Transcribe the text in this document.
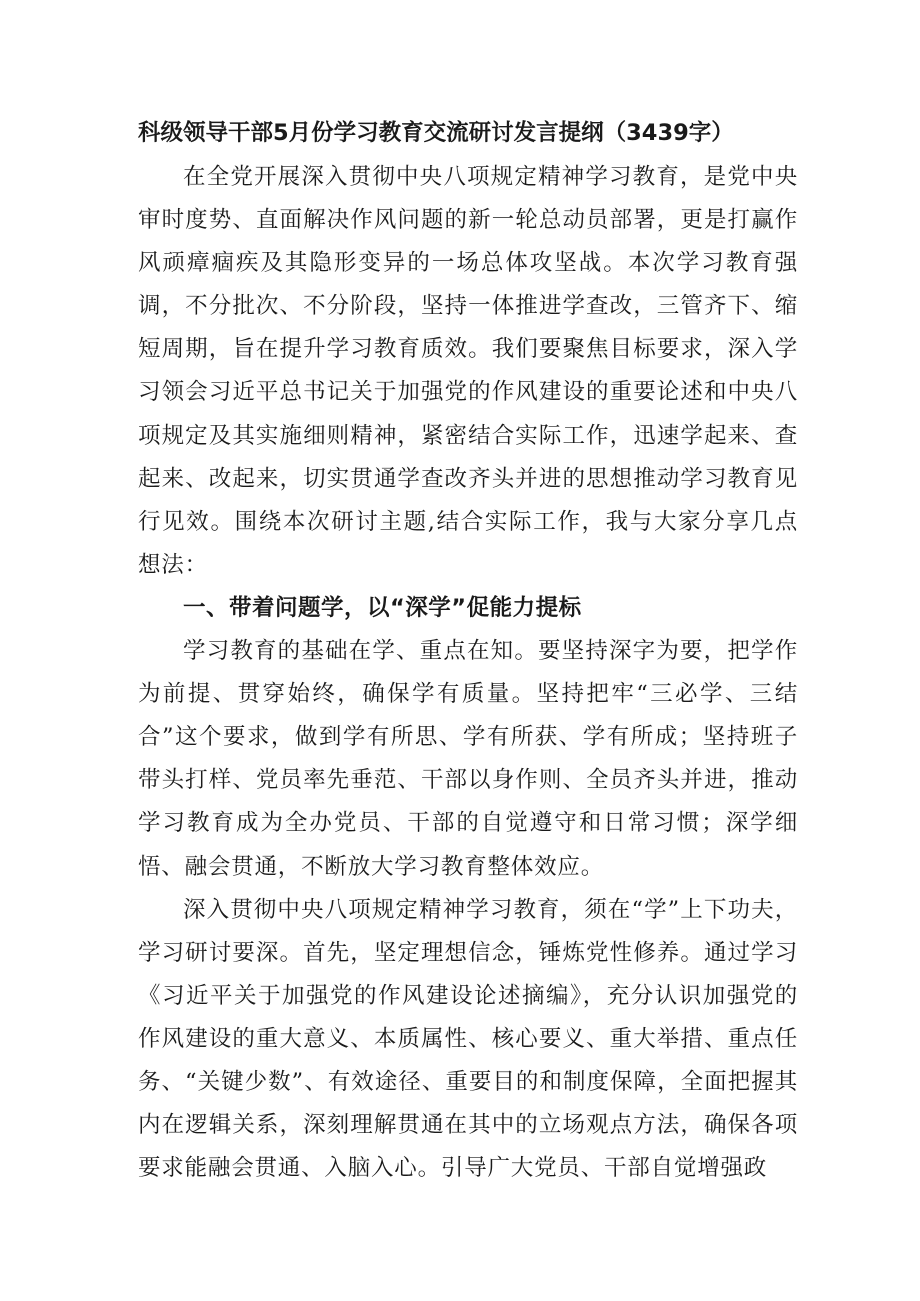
科级领导干部5月份学习教育交流研讨发言提纲（3439字）

在全党开展深入贯彻中央八项规定精神学习教育，是党中央审时度势、直面解决作风问题的新一轮总动员部署，更是打赢作风顽瘴痼疾及其隐形变异的一场总体攻坚战。本次学习教育强调，不分批次、不分阶段，坚持一体推进学查改，三管齐下、缩短周期，旨在提升学习教育质效。我们要聚焦目标要求，深入学习领会习近平总书记关于加强党的作风建设的重要论述和中央八项规定及其实施细则精神，紧密结合实际工作，迅速学起来、查起来、改起来，切实贯通学查改齐头并进的思想推动学习教育见行见效。围绕本次研讨主题,结合实际工作，我与大家分享几点想法：

一、带着问题学，以“深学”促能力提标

学习教育的基础在学、重点在知。要坚持深字为要，把学作为前提、贯穿始终，确保学有质量。坚持把牢“三必学、三结合”这个要求，做到学有所思、学有所获、学有所成；坚持班子带头打样、党员率先垂范、干部以身作则、全员齐头并进，推动学习教育成为全办党员、干部的自觉遵守和日常习惯；深学细悟、融会贯通，不断放大学习教育整体效应。

深入贯彻中央八项规定精神学习教育，须在“学”上下功夫，学习研讨要深。首先，坚定理想信念，锤炼党性修养。通过学习《习近平关于加强党的作风建设论述摘编》，充分认识加强党的作风建设的重大意义、本质属性、核心要义、重大举措、重点任务、“关键少数”、有效途径、重要目的和制度保障，全面把握其内在逻辑关系，深刻理解贯通在其中的立场观点方法，确保各项要求能融会贯通、入脑入心。引导广大党员、干部自觉增强政
